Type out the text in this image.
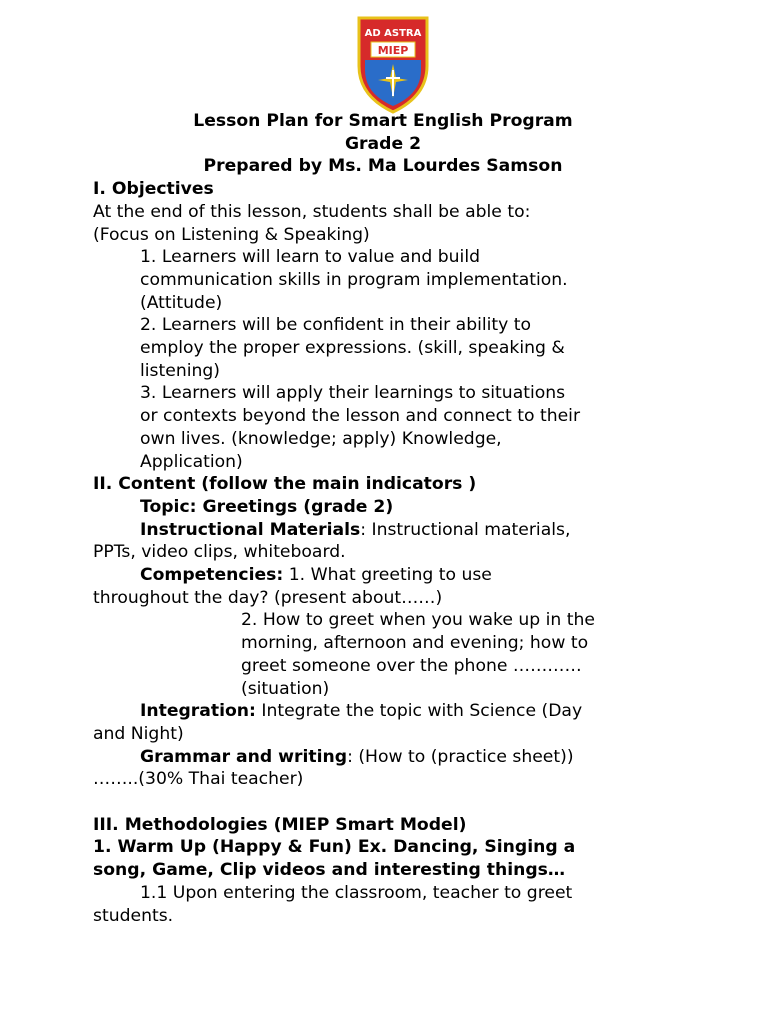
AD ASTRA
MIEP

Lesson Plan for Smart English Program

Grade 2

Prepared by Ms. Ma Lourdes Samson

I. Objectives

At the end of this lesson, students shall be able to:

(Focus on Listening & Speaking)

1. Learners will learn to value and build

communication skills in program implementation.

(Attitude)

2. Learners will be confident in their ability to

employ the proper expressions. (skill, speaking &

listening)

3. Learners will apply their learnings to situations

or contexts beyond the lesson and connect to their

own lives. (knowledge; apply) Knowledge,

Application)

II. Content (follow the main indicators )

Topic: Greetings (grade 2)

Instructional Materials: Instructional materials,

PPTs, video clips, whiteboard.

Competencies: 1. What greeting to use

throughout the day? (present about……)

2. How to greet when you wake up in the

morning, afternoon and evening; how to

greet someone over the phone …………

(situation)

Integration: Integrate the topic with Science (Day

and Night)

Grammar and writing: (How to (practice sheet))

……..(30% Thai teacher)

III. Methodologies (MIEP Smart Model)

1. Warm Up (Happy & Fun) Ex. Dancing, Singing a

song, Game, Clip videos and interesting things…

1.1 Upon entering the classroom, teacher to greet

students.
